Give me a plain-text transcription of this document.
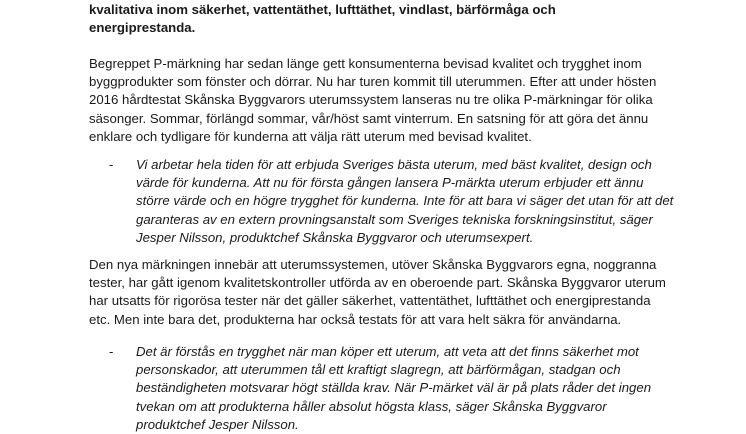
kvalitativa inom säkerhet, vattentäthet, lufttäthet, vindlast, bärförmåga och
energiprestanda.

Begreppet P-märkning har sedan länge gett konsumenterna bevisad kvalitet och trygghet inom
byggprodukter som fönster och dörrar. Nu har turen kommit till uterummen. Efter att under hösten
2016 hårdtestat Skånska Byggvarors uterumssystem lanseras nu tre olika P-märkningar för olika
säsonger. Sommar, förlängd sommar, vår/höst samt vinterrum. En satsning för att göra det ännu
enklare och tydligare för kunderna att välja rätt uterum med bevisad kvalitet.

- Vi arbetar hela tiden för att erbjuda Sveriges bästa uterum, med bäst kvalitet, design och
värde för kunderna. Att nu för första gången lansera P-märkta uterum erbjuder ett ännu
större värde och en högre trygghet för kunderna. Inte för att bara vi säger det utan för att det
garanteras av en extern provningsanstalt som Sveriges tekniska forskningsinstitut, säger
Jesper Nilsson, produktchef Skånska Byggvaror och uterumsexpert.

Den nya märkningen innebär att uterumssystemen, utöver Skånska Byggvarors egna, noggranna
tester, har gått igenom kvalitetskontroller utförda av en oberoende part. Skånska Byggvaror uterum
har utsatts för rigorösa tester när det gäller säkerhet, vattentäthet, lufttäthet och energiprestanda
etc. Men inte bara det, produkterna har också testats för att vara helt säkra för användarna.

- Det är förstås en trygghet när man köper ett uterum, att veta att det finns säkerhet mot
personskador, att uterummen tål ett kraftigt slagregn, att bärförmågan, stadgan och
beständigheten motsvarar högt ställda krav. När P-märket väl är på plats råder det ingen
tvekan om att produkterna håller absolut högsta klass, säger Skånska Byggvaror
produktchef Jesper Nilsson.
